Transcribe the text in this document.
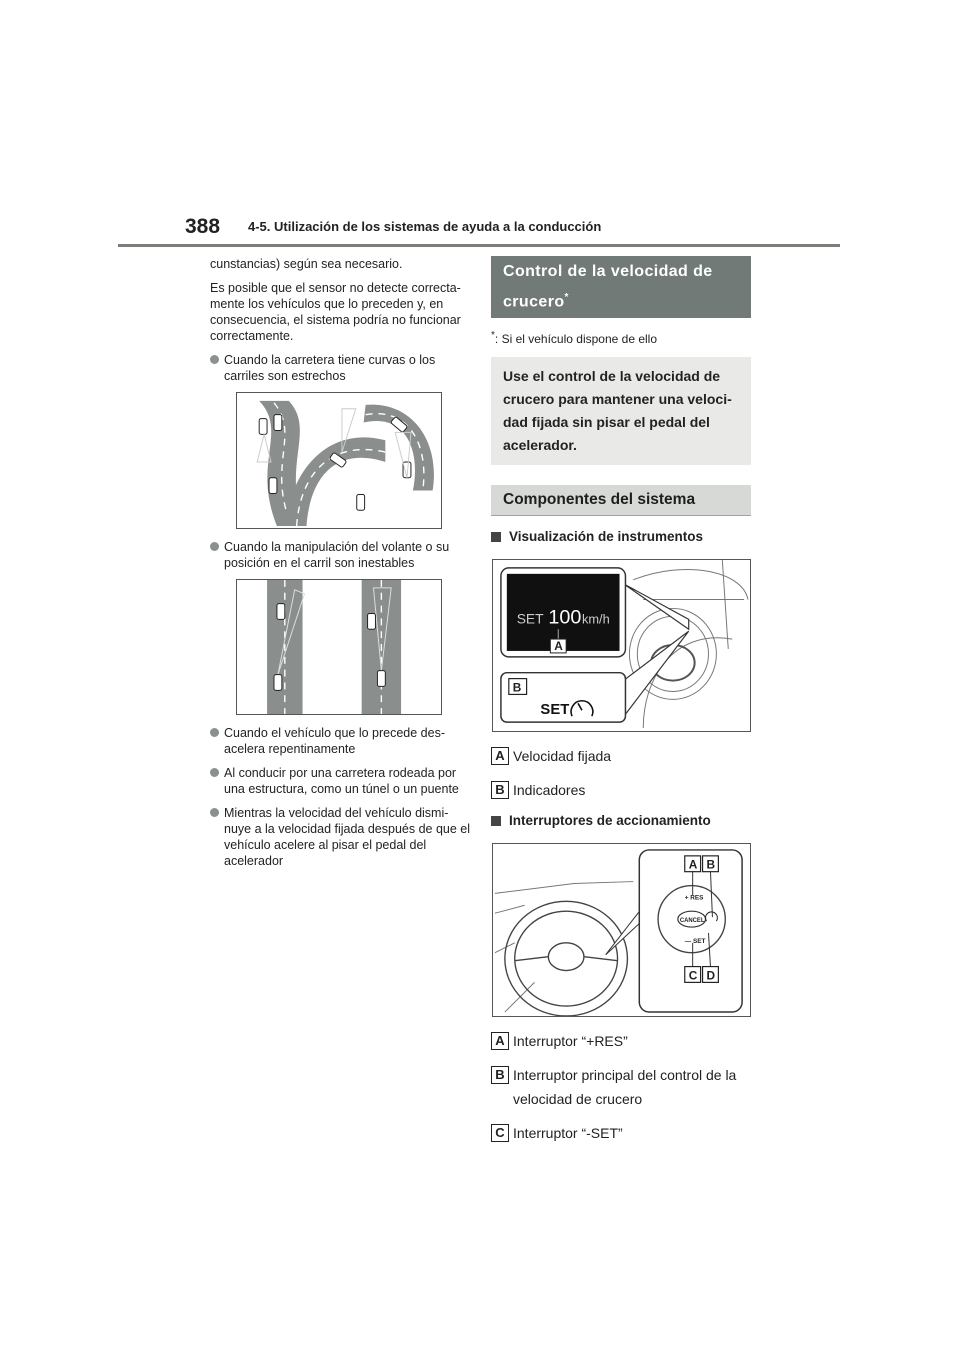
388 4-5. Utilización de los sistemas de ayuda a la conducción

cunstancias) según sea necesario.

Es posible que el sensor no detecte correcta-mente los vehículos que lo preceden y, en consecuencia, el sistema podría no funcionar correctamente.

Cuando la carretera tiene curvas o los carriles son estrechos
Cuando la manipulación del volante o su posición en el carril son inestables
Cuando el vehículo que lo precede des-acelera repentinamente
Al conducir por una carretera rodeada por una estructura, como un túnel o un puente
Mientras la velocidad del vehículo dismi-nuye a la velocidad fijada después de que el vehículo acelere al pisar el pedal del acelerador
Control de la velocidad de crucero*

*: Si el vehículo dispone de ello

Use el control de la velocidad de crucero para mantener una veloci-dad fijada sin pisar el pedal del acelerador.
Componentes del sistema
Visualización de instrumentos
SET 100 km/h
A
B
SET
A Velocidad fijada
B Indicadores
Interruptores de accionamiento
CANCEL
+ RES
— SET
A B
C D
A Interruptor “+RES”
B Interruptor principal del control de la velocidad de crucero
C Interruptor “-SET”
